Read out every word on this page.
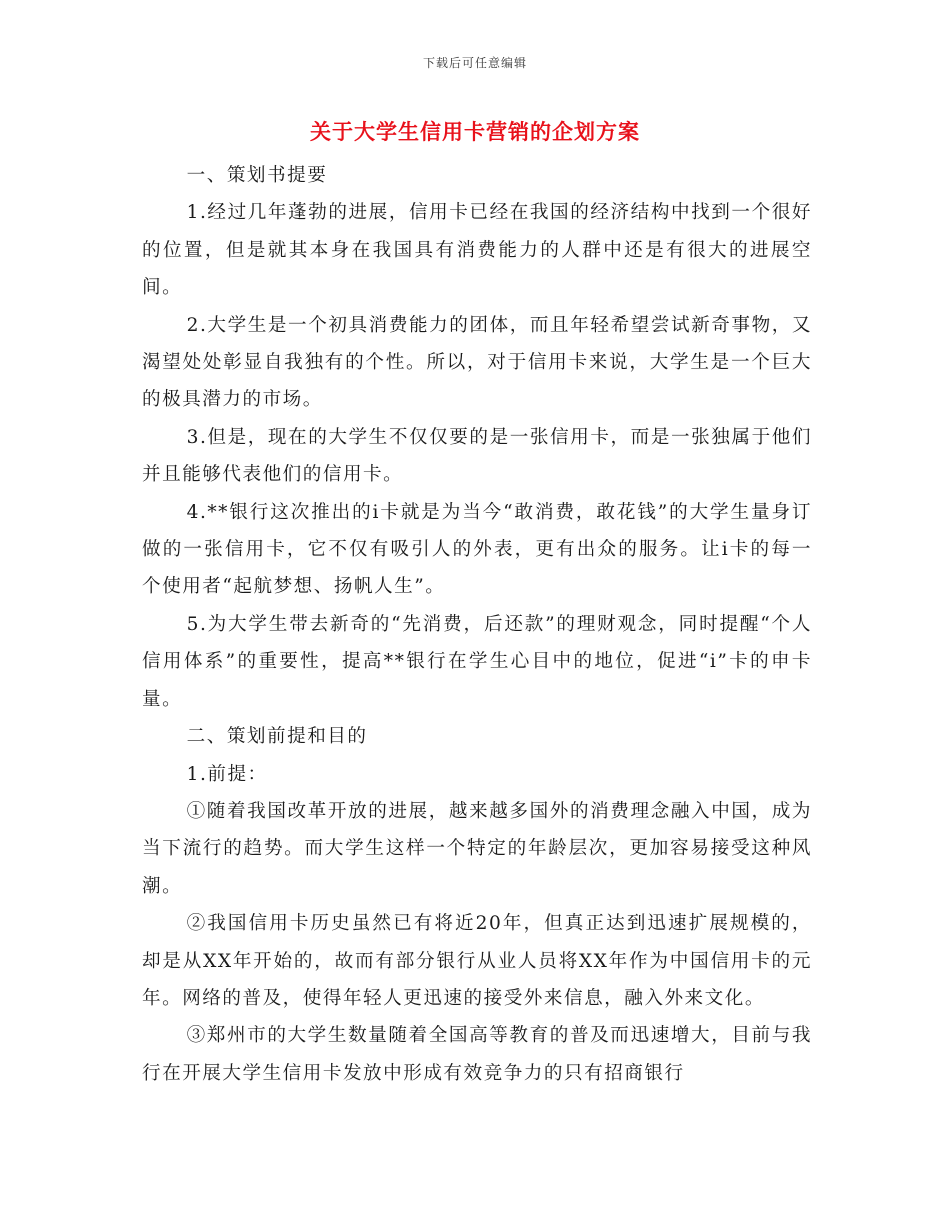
下载后可任意编辑
关于大学生信用卡营销的企划方案

一、策划书提要

1.经过几年蓬勃的进展，信用卡已经在我国的经济结构中找到一个很好的位置，但是就其本身在我国具有消费能力的人群中还是有很大的进展空间。

2.大学生是一个初具消费能力的团体，而且年轻希望尝试新奇事物，又渴望处处彰显自我独有的个性。所以，对于信用卡来说，大学生是一个巨大的极具潜力的市场。

3.但是，现在的大学生不仅仅要的是一张信用卡，而是一张独属于他们并且能够代表他们的信用卡。

4.**银行这次推出的i卡就是为当今“敢消费，敢花钱”的大学生量身订做的一张信用卡，它不仅有吸引人的外表，更有出众的服务。让i卡的每一个使用者“起航梦想、扬帆人生”。

5.为大学生带去新奇的“先消费，后还款”的理财观念，同时提醒“个人信用体系”的重要性，提高**银行在学生心目中的地位，促进“i”卡的申卡量。

二、策划前提和目的

1.前提：

①随着我国改革开放的进展，越来越多国外的消费理念融入中国，成为当下流行的趋势。而大学生这样一个特定的年龄层次，更加容易接受这种风潮。

②我国信用卡历史虽然已有将近20年，但真正达到迅速扩展规模的，却是从XX年开始的，故而有部分银行从业人员将XX年作为中国信用卡的元年。网络的普及，使得年轻人更迅速的接受外来信息，融入外来文化。

③郑州市的大学生数量随着全国高等教育的普及而迅速增大，目前与我行在开展大学生信用卡发放中形成有效竞争力的只有招商银行
